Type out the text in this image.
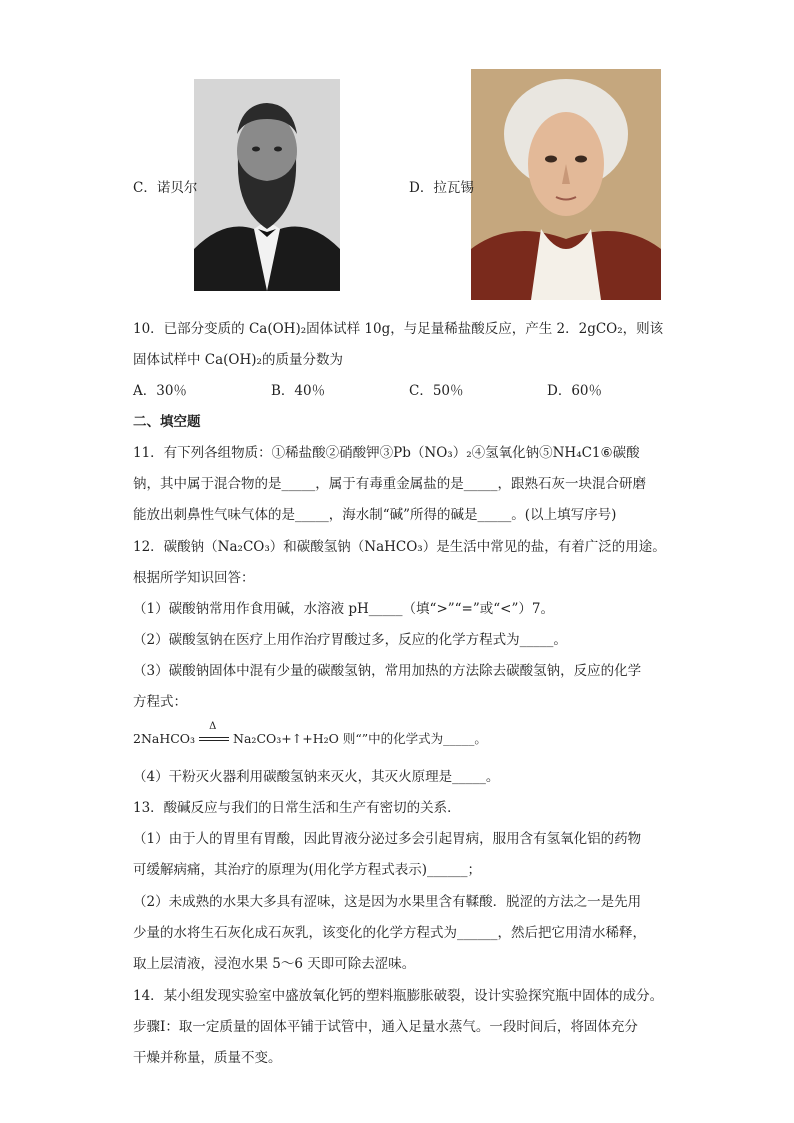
C．诺贝尔	D．拉瓦锡
10．已部分变质的 Ca(OH)₂固体试样 10g，与足量稀盐酸反应，产生 2．2gCO₂，则该
固体试样中 Ca(OH)₂的质量分数为
A．30％	B．40％	C．50％	D．60％
二、填空题
11．有下列各组物质：①稀盐酸②硝酸钾③Pb（NO₃）₂④氢氧化钠⑤NH₄C1⑥碳酸
钠，其中属于混合物的是_____，属于有毒重金属盐的是_____，跟熟石灰一块混合研磨
能放出刺鼻性气味气体的是_____，海水制“碱”所得的碱是_____。(以上填写序号)
12．碳酸钠（Na₂CO₃）和碳酸氢钠（NaHCO₃）是生活中常见的盐，有着广泛的用途。
根据所学知识回答：
（1）碳酸钠常用作食用碱，水溶液 pH_____（填“>”“=”或“<”）7。
（2）碳酸氢钠在医疗上用作治疗胃酸过多，反应的化学方程式为_____。
（3）碳酸钠固体中混有少量的碳酸氢钠，常用加热的方法除去碳酸氢钠，反应的化学
方程式：
2NaHCO₃
Δ
Na₂CO₃+↑+H₂O 则“”中的化学式为_____。
（4）干粉灭火器利用碳酸氢钠来灭火，其灭火原理是_____。
13．酸碱反应与我们的日常生活和生产有密切的关系．
（1）由于人的胃里有胃酸，因此胃液分泌过多会引起胃病，服用含有氢氧化铝的药物
可缓解病痛，其治疗的原理为(用化学方程式表示)______；
（2）未成熟的水果大多具有涩味，这是因为水果里含有鞣酸．脱涩的方法之一是先用
少量的水将生石灰化成石灰乳，该变化的化学方程式为______，然后把它用清水稀释，
取上层清液，浸泡水果 5～6 天即可除去涩味。
14．某小组发现实验室中盛放氧化钙的塑料瓶膨胀破裂，设计实验探究瓶中固体的成分。
步骤Ⅰ：取一定质量的固体平铺于试管中，通入足量水蒸气。一段时间后，将固体充分
干燥并称量，质量不变。
